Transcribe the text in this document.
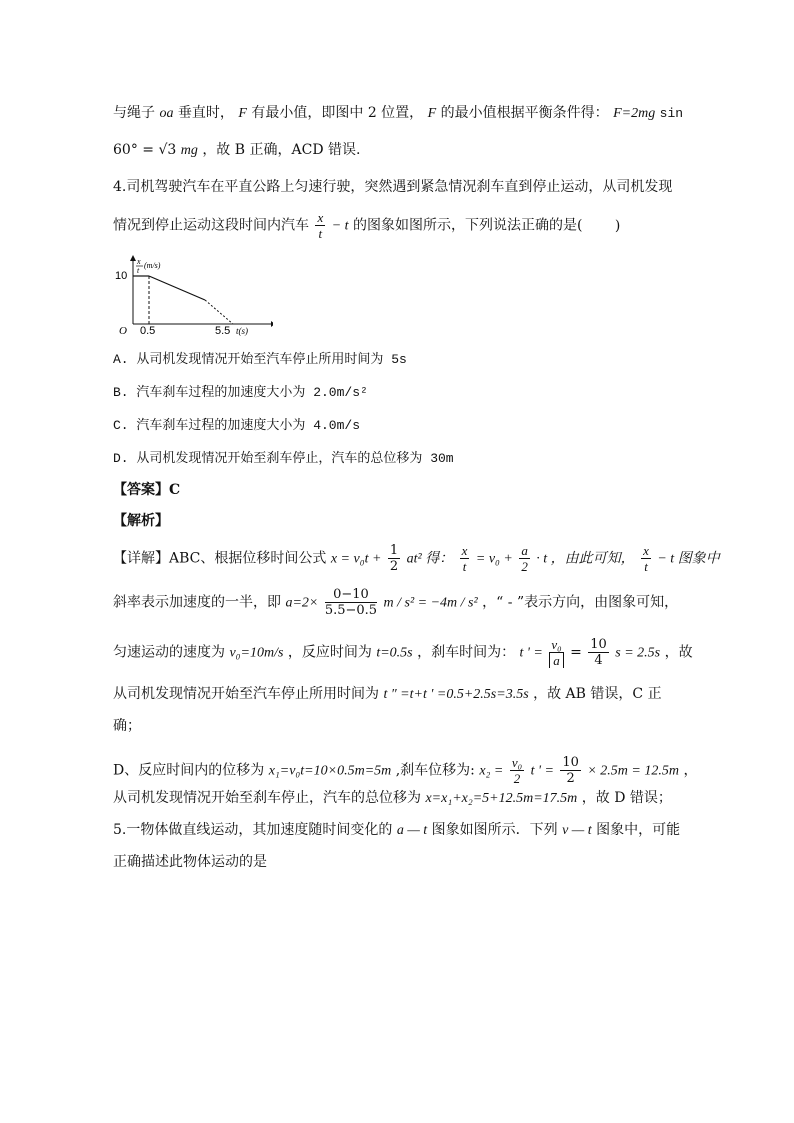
与绳子 oa 垂直时， F 有最小值，即图中 2 位置， F 的最小值根据平衡条件得： F=2mg sin
60° = √3 mg ，故 B 正确，ACD 错误.
4.司机驾驶汽车在平直公路上匀速行驶，突然遇到紧急情况刹车直到停止运动，从司机发现
情况到停止运动这段时间内汽车 $\frac{x}{t} - t$ 的图象如图所示，下列说法正确的是( )
x
t
(m/s)
10
O 0.5	5.5 t(s)
A. 从司机发现情况开始至汽车停止所用时间为 5s
B. 汽车刹车过程的加速度大小为 2.0m/s²
C. 汽车刹车过程的加速度大小为 4.0m/s
D. 从司机发现情况开始至刹车停止，汽车的总位移为 30m
【答案】C
【解析】
【详解】ABC、根据位移时间公式 $x = v_0t + \frac{1}{2} at^2$ 得： $\frac{x}{t} = v_0 + \frac{a}{2} \cdot t$ ，由此可知， $\frac{x}{t} - t$ 图象中
斜率表示加速度的一半，即 $a=2\times \frac{0-10}{5.5-0.5}$ m / s² = −4m / s² ，“ - ”表示方向，由图象可知，
匀速运动的速度为 v₀=10m/s ，反应时间为 t=0.5s ，刹车时间为： t ' = $\frac{\text{v₀}}{a} = \frac{10}{4}$ s = 2.5s ，故
从司机发现情况开始至汽车停止所用时间为 t ″ =t+t ′ =0.5+2.5s=3.5s ，故 AB 错误，C 正
确；
D、反应时间内的位移为 x₁=v₀t=10×0.5m=5m ,刹车位移为: $x_2 = \frac{\text{v₀}}{2}$ t ' = $\frac{10}{2} \times 2.5m = 12.5m$ ，
从司机发现情况开始至刹车停止，汽车的总位移为 x=x₁+x₂=5+12.5m=17.5m ，故 D 错误；
5.一物体做直线运动，其加速度随时间变化的 a — t 图象如图所示．下列 v — t 图象中，可能
正确描述此物体运动的是
